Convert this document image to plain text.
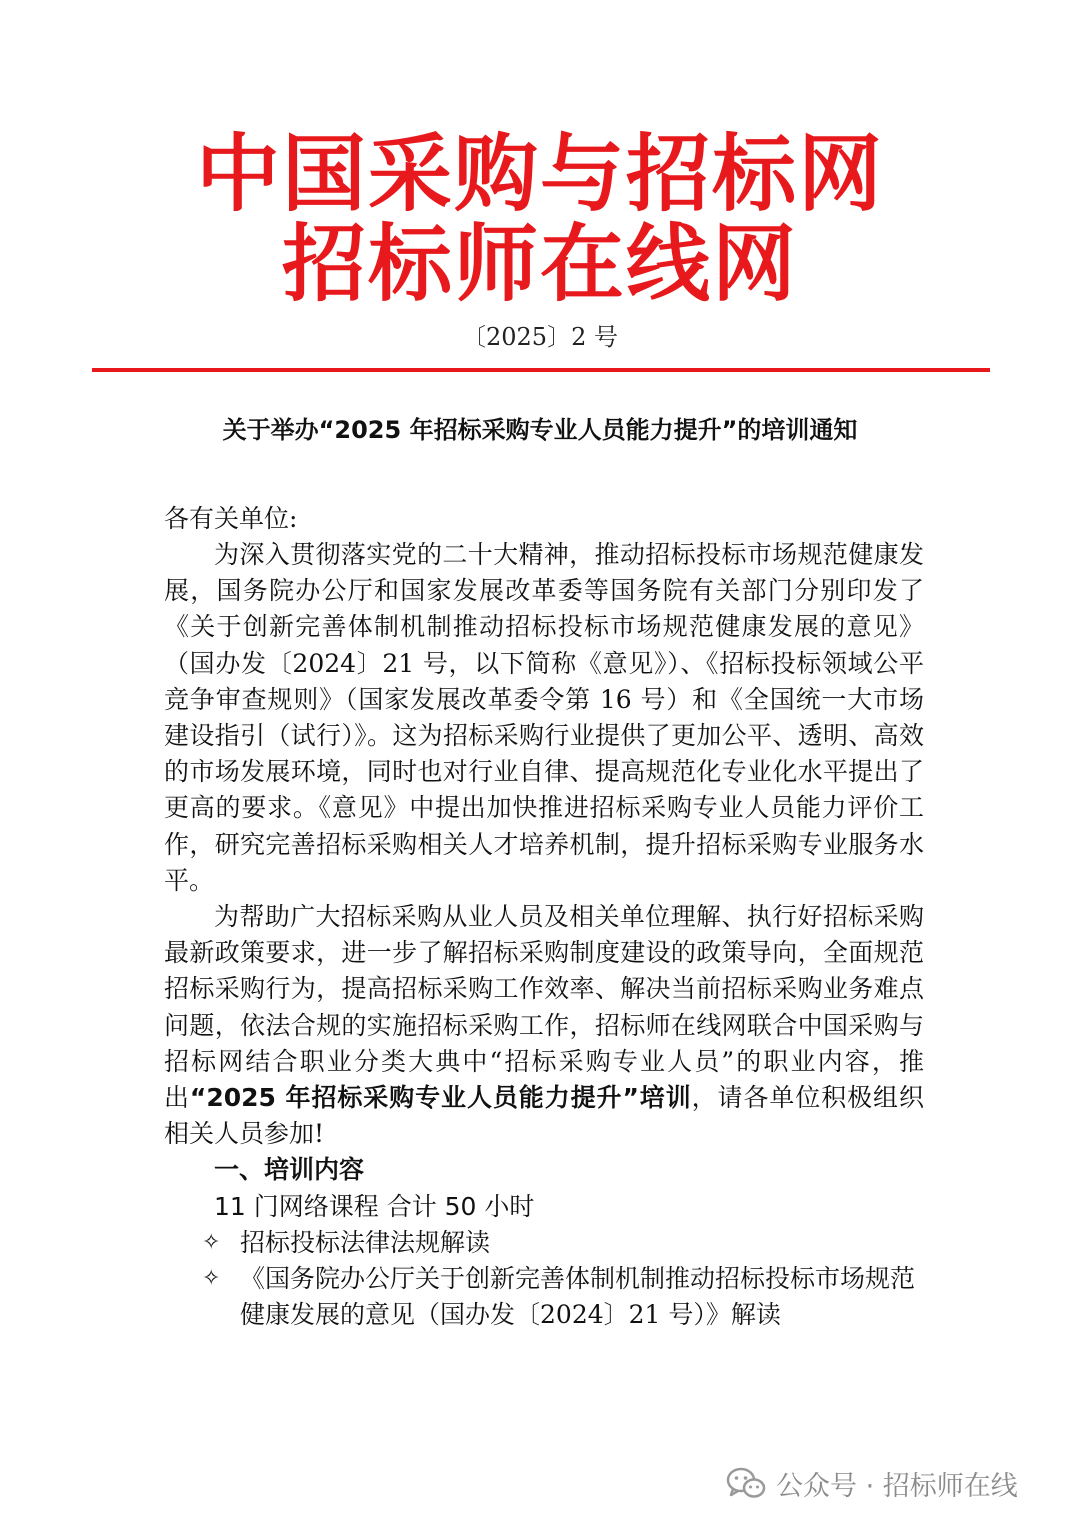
中国采购与招标网
招标师在线网
〔2025〕2 号
关于举办“2025 年招标采购专业人员能力提升”的培训通知
各有关单位:
为深入贯彻落实党的二十大精神，推动招标投标市场规范健康发展，国务院办公厅和国家发展改革委等国务院有关部门分别印发了《关于创新完善体制机制推动招标投标市场规范健康发展的意见》（国办发〔2024〕21 号，以下简称《意见》）、《招标投标领域公平竞争审查规则》（国家发展改革委令第 16 号）和《全国统一大市场建设指引（试行）》。这为招标采购行业提供了更加公平、透明、高效的市场发展环境，同时也对行业自律、提高规范化专业化水平提出了更高的要求。《意见》中提出加快推进招标采购专业人员能力评价工作，研究完善招标采购相关人才培养机制，提升招标采购专业服务水平。
为帮助广大招标采购从业人员及相关单位理解、执行好招标采购最新政策要求，进一步了解招标采购制度建设的政策导向，全面规范招标采购行为，提高招标采购工作效率、解决当前招标采购业务难点问题，依法合规的实施招标采购工作，招标师在线网联合中国采购与招标网结合职业分类大典中“招标采购专业人员”的职业内容，推出“2025 年招标采购专业人员能力提升”培训，请各单位积极组织相关人员参加!
一、培训内容
11 门网络课程 合计 50 小时
✧ 招标投标法律法规解读
✧ 《国务院办公厅关于创新完善体制机制推动招标投标市场规范健康发展的意见（国办发〔2024〕21 号）》解读
公众号 · 招标师在线
